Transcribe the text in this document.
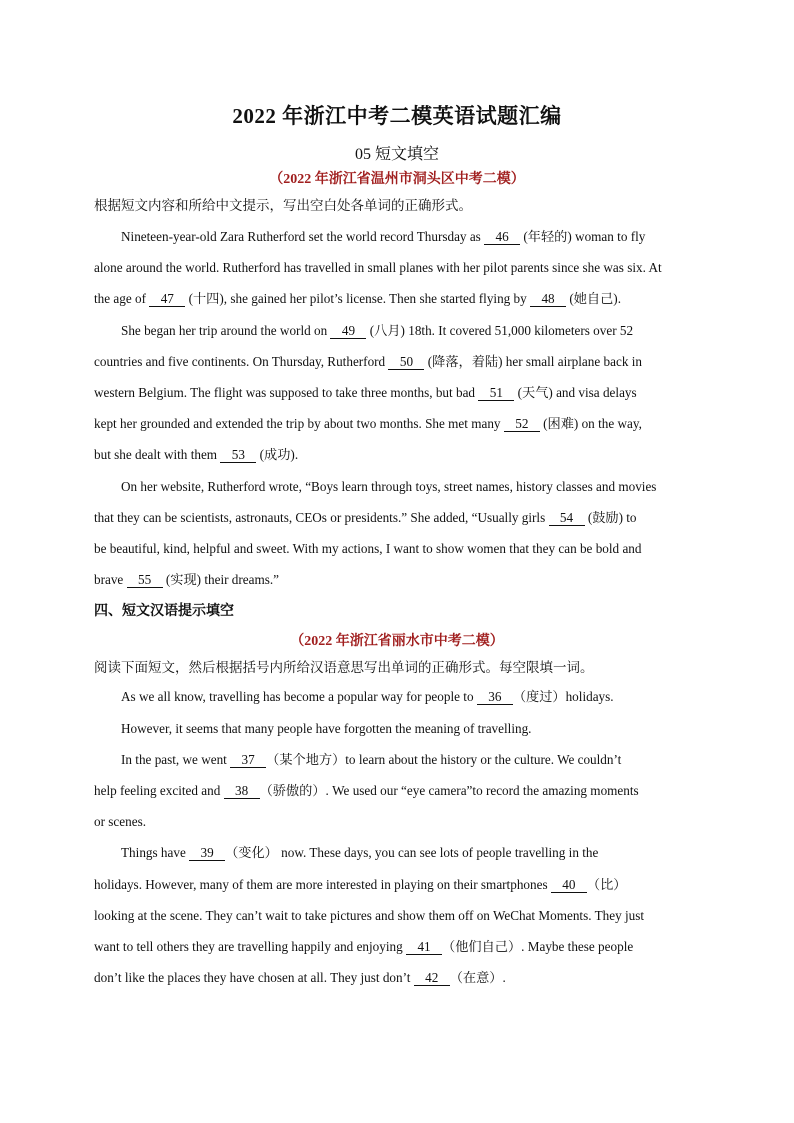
2022 年浙江中考二模英语试题汇编
05 短文填空
（2022 年浙江省温州市洞头区中考二模）
根据短文内容和所给中文提示，写出空白处各单词的正确形式。
Nineteen-year-old Zara Rutherford set the world record Thursday as 46 (年轻的) woman to fly
alone around the world. Rutherford has travelled in small planes with her pilot parents since she was six. At
the age of 47 (十四), she gained her pilot’s license. Then she started flying by 48 (她自己).
She began her trip around the world on 49 (八月) 18th. It covered 51,000 kilometers over 52
countries and five continents. On Thursday, Rutherford 50 (降落，着陆) her small airplane back in
western Belgium. The flight was supposed to take three months, but bad 51 (天气) and visa delays
kept her grounded and extended the trip by about two months. She met many 52 (困难) on the way,
but she dealt with them 53 (成功).
On her website, Rutherford wrote, “Boys learn through toys, street names, history classes and movies
that they can be scientists, astronauts, CEOs or presidents.” She added, “Usually girls 54 (鼓励) to
be beautiful, kind, helpful and sweet. With my actions, I want to show women that they can be bold and
brave 55 (实现) their dreams.”
四、短文汉语提示填空
（2022 年浙江省丽水市中考二模）
阅读下面短文，然后根据括号内所给汉语意思写出单词的正确形式。每空限填一词。
As we all know, travelling has become a popular way for people to 36 （度过）holidays.
However, it seems that many people have forgotten the meaning of travelling.
In the past, we went 37 （某个地方）to learn about the history or the culture. We couldn’t
help feeling excited and 38 （骄傲的）. We used our “eye camera”to record the amazing moments
or scenes.
Things have 39 （变化） now. These days, you can see lots of people travelling in the
holidays. However, many of them are more interested in playing on their smartphones 40 （比）
looking at the scene. They can’t wait to take pictures and show them off on WeChat Moments. They just
want to tell others they are travelling happily and enjoying 41 （他们自己）. Maybe these people
don’t like the places they have chosen at all. They just don’t 42 （在意）.
